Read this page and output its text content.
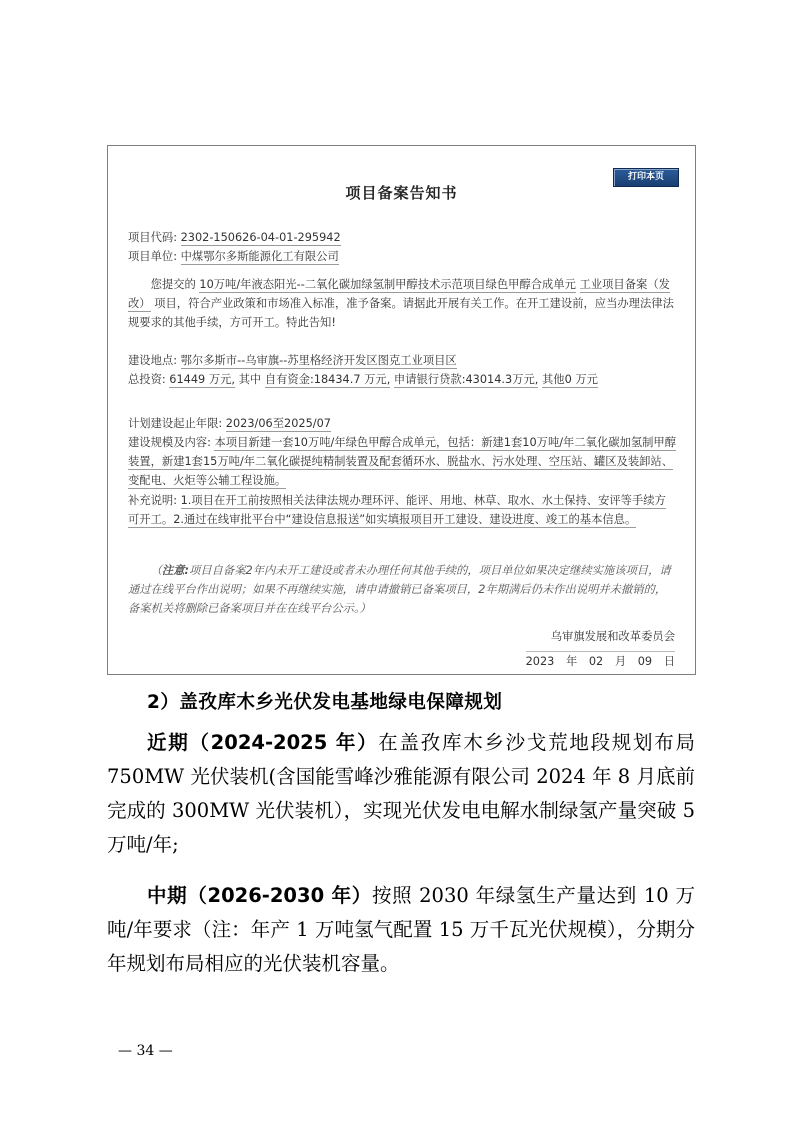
打印本页
项目备案告知书
项目代码: 2302-150626-04-01-295942
项目单位: 中煤鄂尔多斯能源化工有限公司
您提交的 10万吨/年液态阳光--二氧化碳加绿氢制甲醇技术示范项目绿色甲醇合成单元 工业项目备案（发改） 项目，符合产业政策和市场准入标准，准予备案。请据此开展有关工作。在开工建设前，应当办理法律法规要求的其他手续，方可开工。特此告知!
建设地点: 鄂尔多斯市--乌审旗--苏里格经济开发区图克工业项目区
总投资: 61449 万元, 其中 自有资金:18434.7 万元, 申请银行贷款:43014.3万元, 其他0 万元
计划建设起止年限: 2023/06至2025/07
建设规模及内容: 本项目新建一套10万吨/年绿色甲醇合成单元，包括：新建1套10万吨/年二氧化碳加氢制甲醇装置，新建1套15万吨/年二氧化碳提纯精制装置及配套循环水、脱盐水、污水处理、空压站、罐区及装卸站、变配电、火炬等公辅工程设施。
补充说明: 1.项目在开工前按照相关法律法规办理环评、能评、用地、林草、取水、水土保持、安评等手续方可开工。2.通过在线审批平台中“建设信息报送”如实填报项目开工建设、建设进度、竣工的基本信息。
（注意:项目自备案2年内未开工建设或者未办理任何其他手续的，项目单位如果决定继续实施该项目，请通过在线平台作出说明；如果不再继续实施，请申请撤销已备案项目，2年期满后仍未作出说明并未撤销的，备案机关将删除已备案项目并在在线平台公示。）
乌审旗发展和改革委员会
2023 年 02 月 09 日
2）盖孜库木乡光伏发电基地绿电保障规划
近期（2024-2025 年）在盖孜库木乡沙戈荒地段规划布局 750MW 光伏装机(含国能雪峰沙雅能源有限公司 2024 年 8 月底前完成的 300MW 光伏装机），实现光伏发电电解水制绿氢产量突破 5 万吨/年;
中期（2026-2030 年）按照 2030 年绿氢生产量达到 10 万吨/年要求（注：年产 1 万吨氢气配置 15 万千瓦光伏规模），分期分年规划布局相应的光伏装机容量。
— 34 —
